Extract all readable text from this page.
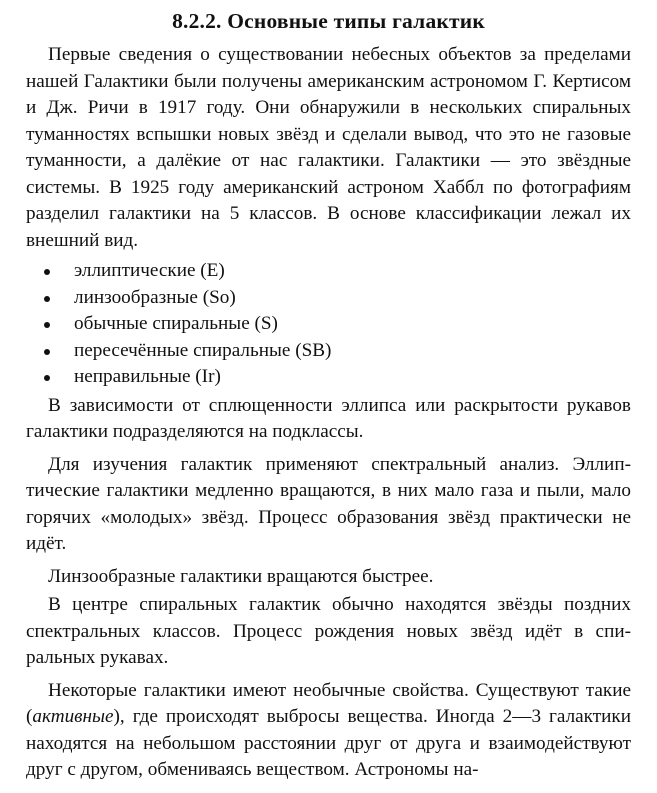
8.2.2. Основные типы галактик

Первые сведения о существовании небесных объектов за пределами нашей Галактики были получены американским астрономом Г. Кертисом и Дж. Ричи в 1917 году. Они обнаружили в нескольких спиральных туманностях вспышки новых звёзд и сделали вывод, что это не газовые туманности, а далёкие от нас галактики. Галактики — это звёздные системы. В 1925 году американский астроном Хаббл по фотографиям разделил галактики на 5 классов. В основе классификации лежал их внешний вид.

эллиптические (E)
линзообразные (So)
обычные спиральные (S)
пересечённые спиральные (SB)
неправильные (Ir)

В зависимости от сплющенности эллипса или раскрытости рукавов галактики подразделяются на подклассы.

Для изучения галактик применяют спектральный анализ. Эллиптические галактики медленно вращаются, в них мало газа и пыли, мало горячих «молодых» звёзд. Процесс образования звёзд практически не идёт.

Линзообразные галактики вращаются быстрее.

В центре спиральных галактик обычно находятся звёзды поздних спектральных классов. Процесс рождения новых звёзд идёт в спиральных рукавах.

Некоторые галактики имеют необычные свойства. Существуют такие (активные), где происходят выбросы вещества. Иногда 2—3 галактики находятся на небольшом расстоянии друг от друга и взаимодействуют друг с другом, обмениваясь веществом. Астрономы на-
